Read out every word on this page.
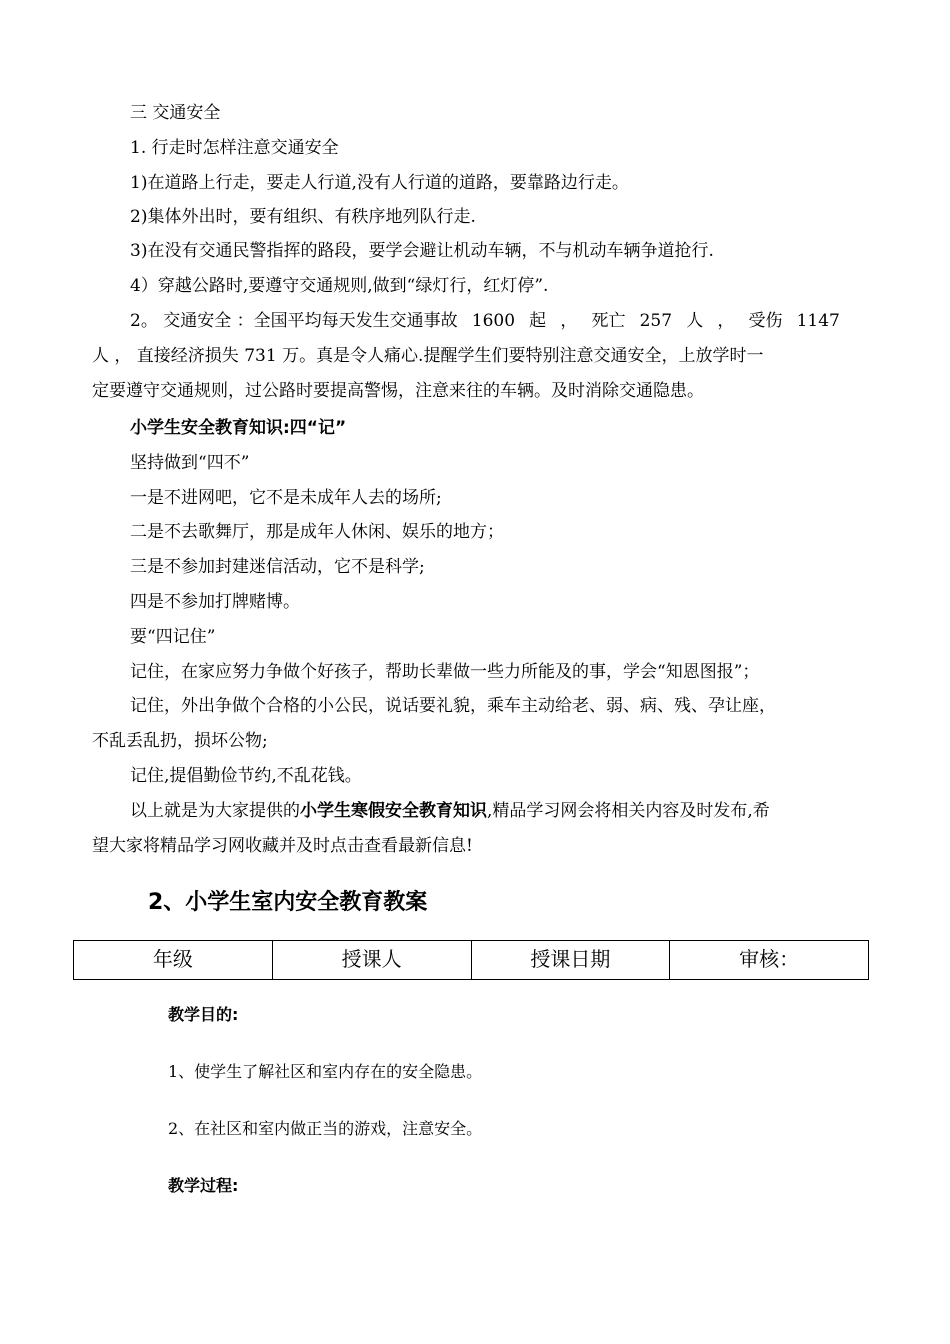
三 交通安全
1. 行走时怎样注意交通安全
1)在道路上行走，要走人行道,没有人行道的道路，要靠路边行走。
2)集体外出时，要有组织、有秩序地列队行走.
3)在没有交通民警指挥的路段，要学会避让机动车辆，不与机动车辆争道抢行.
4）穿越公路时,要遵守交通规则,做到“绿灯行，红灯停”.
2。 交通安全 ：全国平均每天发生交通事故 1600 起 ， 死亡 257 人 ， 受伤 1147
人 ， 直接经济损失 731 万。真是令人痛心.提醒学生们要特别注意交通安全，上放学时一
定要遵守交通规则，过公路时要提高警惕，注意来往的车辆。及时消除交通隐患。
小学生安全教育知识:四“记”
坚持做到“四不”
一是不进网吧，它不是未成年人去的场所;
二是不去歌舞厅，那是成年人休闲、娱乐的地方；
三是不参加封建迷信活动，它不是科学;
四是不参加打牌赌博。
要“四记住”
记住，在家应努力争做个好孩子，帮助长辈做一些力所能及的事，学会“知恩图报”；
记住，外出争做个合格的小公民，说话要礼貌，乘车主动给老、弱、病、残、孕让座，
不乱丢乱扔，损坏公物;
记住,提倡勤俭节约,不乱花钱。
以上就是为大家提供的小学生寒假安全教育知识,精品学习网会将相关内容及时发布,希
望大家将精品学习网收藏并及时点击查看最新信息!
2、小学生室内安全教育教案
年级	授课人	授课日期	审核：
教学目的:
1、使学生了解社区和室内存在的安全隐患。
2、在社区和室内做正当的游戏，注意安全。
教学过程:
